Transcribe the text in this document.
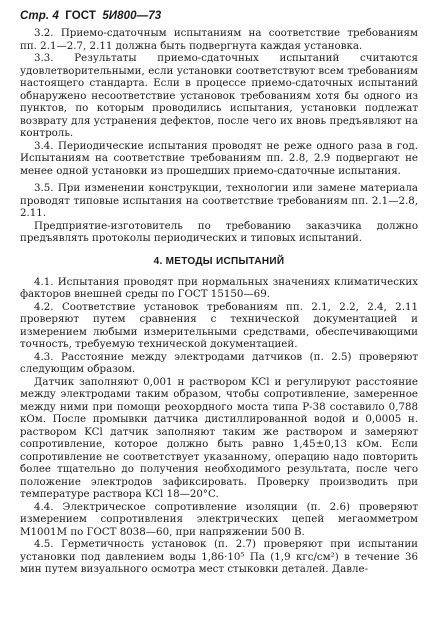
Стр. 4 ГОСТ 5И800—73

3.2. Приемо-сдаточным испытаниям на соответствие требованиям пп. 2.1—2.7, 2.11 должна быть подвергнута каждая установка.

3.3. Результаты приемо-сдаточных испытаний считаются удовлетворительными, если установки соответствуют всем требованиям настоящего стандарта. Если в процессе приемо-сдаточных испытаний обнаружено несоответствие установок требованиям хотя бы одного из пунктов, по которым проводились испытания, установки подлежат возврату для устранения дефектов, после чего их вновь предъявляют на контроль.

3.4. Периодические испытания проводят не реже одного раза в год. Испытаниям на соответствие требованиям пп. 2.8, 2.9 подвергают не менее одной установки из прошедших приемо-сдаточные испытания.

3.5. При изменении конструкции, технологии или замене материала проводят типовые испытания на соответствие требованиям пп. 2.1—2.8, 2.11.

Предприятие-изготовитель по требованию заказчика должно предъявлять протоколы периодических и типовых испытаний.

4. МЕТОДЫ ИСПЫТАНИЙ

4.1. Испытания проводят при нормальных значениях климатических факторов внешней среды по ГОСТ 15150—69.

4.2. Соответствие установок требованиям пп. 2.1, 2.2, 2.4, 2.11 проверяют путем сравнения с технической документацией и измерением любыми измерительными средствами, обеспечивающими точность, требуемую технической документацией.

4.3. Расстояние между электродами датчиков (п. 2.5) проверяют следующим образом.

Датчик заполняют 0,001 н раствором KCl и регулируют расстояние между электродами таким образом, чтобы сопротивление, замеренное между ними при помощи реохордного моста типа Р-38 составило 0,788 кОм. После промывки датчика дистиллированной водой и 0,0005 н. раствором KCl датчик заполняют таким же раствором и замеряют сопротивление, которое должно быть равно 1,45±0,13 кОм. Если сопротивление не соответствует указанному, операцию надо повторить более тщательно до получения необходимого результата, после чего положение электродов зафиксировать. Проверку производить при температуре раствора KCl 18—20°C.

4.4. Электрическое сопротивление изоляции (п. 2.6) проверяют измерением сопротивления электрических цепей мегаомметром М1001М по ГОСТ 8038—60, при напряжении 500 В.

4.5. Герметичность установок (п. 2.7) проверяют при испытании установки под давлением воды 1,86·10⁵ Па (1,9 кгс/см²) в течение 36 мин путем визуального осмотра мест стыковки деталей. Давле-
